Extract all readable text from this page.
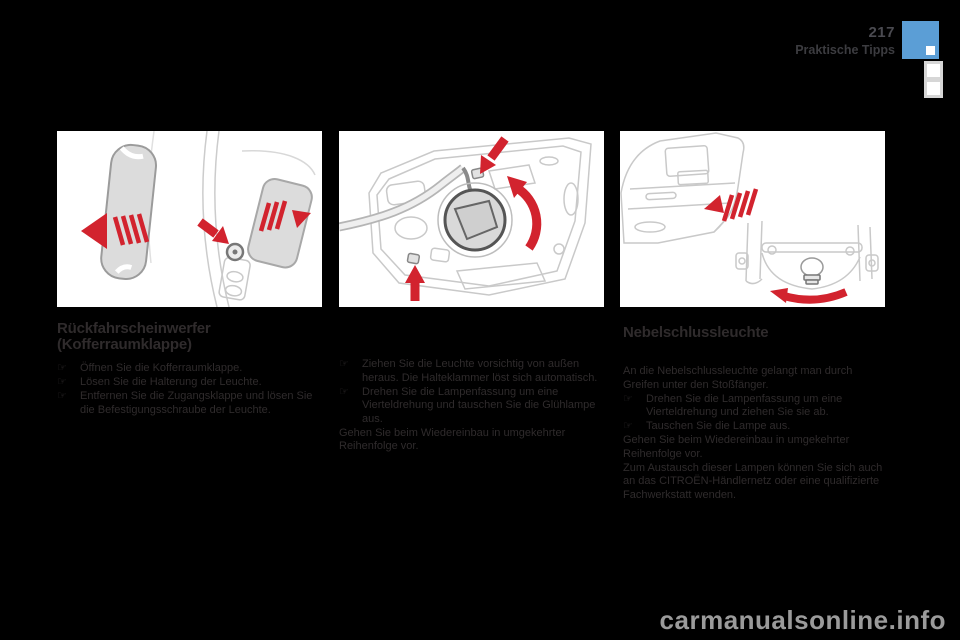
217
Praktische Tipps
Rückfahrscheinwerfer
(Kofferraumklappe)
☞	Öffnen Sie die Kofferraumklappe.
☞	Lösen Sie die Halterung der Leuchte.
☞	Entfernen Sie die Zugangsklappe und lösen Sie die Befestigungsschraube der Leuchte.
☞	Ziehen Sie die Leuchte vorsichtig von außen heraus. Die Halteklammer löst sich automatisch.
☞	Drehen Sie die Lampenfassung um eine Vierteldrehung und tauschen Sie die Glühlampe aus.
Gehen Sie beim Wiedereinbau in umgekehrter Reihenfolge vor.
Nebelschlussleuchte
An die Nebelschlussleuchte gelangt man durch Greifen unter den Stoßfänger.
☞	Drehen Sie die Lampenfassung um eine Vierteldrehung und ziehen Sie sie ab.
☞	Tauschen Sie die Lampe aus.
Gehen Sie beim Wiedereinbau in umgekehrter Reihenfolge vor.
Zum Austausch dieser Lampen können Sie sich auch an das CITROËN-Händlernetz oder eine qualifizierte Fachwerkstatt wenden.
carmanualsonline.info
